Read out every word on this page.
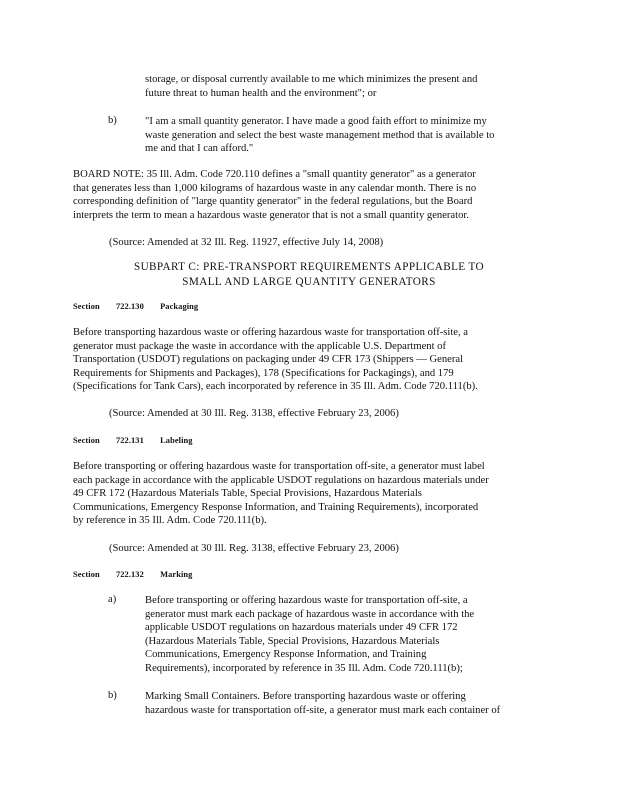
storage, or disposal currently available to me which minimizes the present and
future threat to human health and the environment"; or
b)	"I am a small quantity generator. I have made a good faith effort to minimize my
waste generation and select the best waste management method that is available to
me and that I can afford."
BOARD NOTE: 35 Ill. Adm. Code 720.110 defines a "small quantity generator" as a generator
that generates less than 1,000 kilograms of hazardous waste in any calendar month. There is no
corresponding definition of "large quantity generator" in the federal regulations, but the Board
interprets the term to mean a hazardous waste generator that is not a small quantity generator.
(Source: Amended at 32 Ill. Reg. 11927, effective July 14, 2008)
SUBPART C: PRE-TRANSPORT REQUIREMENTS APPLICABLE TO
SMALL AND LARGE QUANTITY GENERATORS
Section 722.130 Packaging
Before transporting hazardous waste or offering hazardous waste for transportation off-site, a
generator must package the waste in accordance with the applicable U.S. Department of
Transportation (USDOT) regulations on packaging under 49 CFR 173 (Shippers — General
Requirements for Shipments and Packages), 178 (Specifications for Packagings), and 179
(Specifications for Tank Cars), each incorporated by reference in 35 Ill. Adm. Code 720.111(b).
(Source: Amended at 30 Ill. Reg. 3138, effective February 23, 2006)
Section 722.131 Labeling
Before transporting or offering hazardous waste for transportation off-site, a generator must label
each package in accordance with the applicable USDOT regulations on hazardous materials under
49 CFR 172 (Hazardous Materials Table, Special Provisions, Hazardous Materials
Communications, Emergency Response Information, and Training Requirements), incorporated
by reference in 35 Ill. Adm. Code 720.111(b).
(Source: Amended at 30 Ill. Reg. 3138, effective February 23, 2006)
Section 722.132 Marking
a)	Before transporting or offering hazardous waste for transportation off-site, a
generator must mark each package of hazardous waste in accordance with the
applicable USDOT regulations on hazardous materials under 49 CFR 172
(Hazardous Materials Table, Special Provisions, Hazardous Materials
Communications, Emergency Response Information, and Training
Requirements), incorporated by reference in 35 Ill. Adm. Code 720.111(b);
b)	Marking Small Containers. Before transporting hazardous waste or offering
hazardous waste for transportation off-site, a generator must mark each container of
